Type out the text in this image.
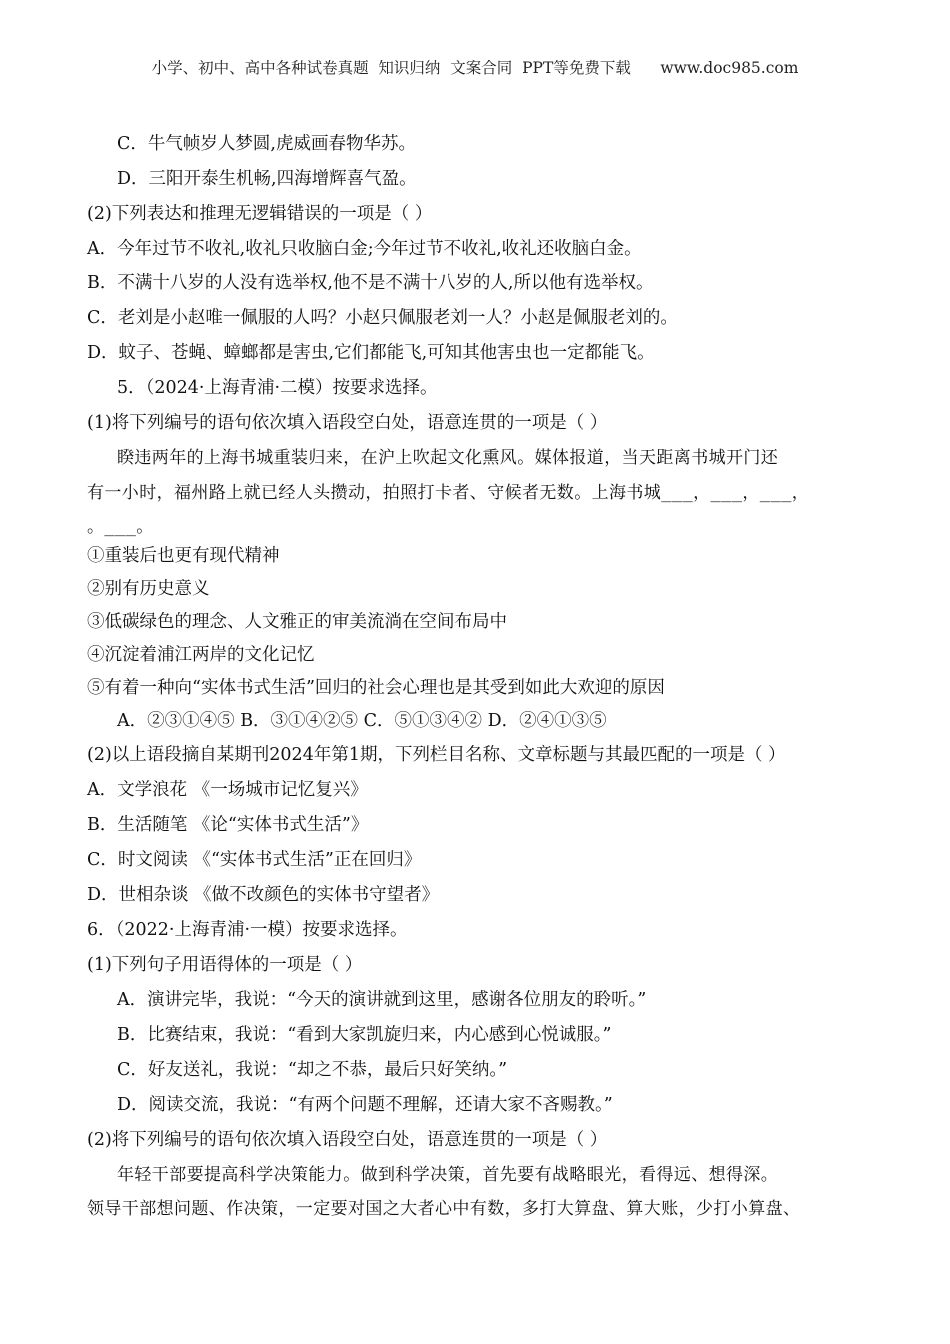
小学、初中、高中各种试卷真题  知识归纳  文案合同  PPT等免费下载      www.doc985.com
C．牛气帧岁人梦圆,虎威画春物华苏。
D．三阳开泰生机畅,四海增辉喜气盈。
(2)下列表达和推理无逻辑错误的一项是（ ）
A．今年过节不收礼,收礼只收脑白金;今年过节不收礼,收礼还收脑白金。
B．不满十八岁的人没有选举权,他不是不满十八岁的人,所以他有选举权。
C．老刘是小赵唯一佩服的人吗？小赵只佩服老刘一人？小赵是佩服老刘的。
D．蚊子、苍蝇、蟑螂都是害虫,它们都能飞,可知其他害虫也一定都能飞。
5．（2024·上海青浦·二模）按要求选择。
(1)将下列编号的语句依次填入语段空白处，语意连贯的一项是（ ）
睽违两年的上海书城重装归来，在沪上吹起文化熏风。媒体报道，当天距离书城开门还
有一小时，福州路上就已经人头攒动，拍照打卡者、守候者无数。上海书城___，___，___，
。___。
①重装后也更有现代精神
②别有历史意义
③低碳绿色的理念、人文雅正的审美流淌在空间布局中
④沉淀着浦江两岸的文化记忆
⑤有着一种向“实体书式生活”回归的社会心理也是其受到如此大欢迎的原因
A．②③①④⑤ B．③①④②⑤ C．⑤①③④② D．②④①③⑤
(2)以上语段摘自某期刊2024年第1期，下列栏目名称、文章标题与其最匹配的一项是（ ）
A．文学浪花 《一场城市记忆复兴》
B．生活随笔 《论“实体书式生活”》
C．时文阅读 《“实体书式生活”正在回归》
D．世相杂谈 《做不改颜色的实体书守望者》
6．（2022·上海青浦·一模）按要求选择。
(1)下列句子用语得体的一项是（ ）
A．演讲完毕，我说：“今天的演讲就到这里，感谢各位朋友的聆听。”
B．比赛结束，我说：“看到大家凯旋归来，内心感到心悦诚服。”
C．好友送礼，我说：“却之不恭，最后只好笑纳。”
D．阅读交流，我说：“有两个问题不理解，还请大家不吝赐教。”
(2)将下列编号的语句依次填入语段空白处，语意连贯的一项是（ ）
年轻干部要提高科学决策能力。做到科学决策，首先要有战略眼光，看得远、想得深。
领导干部想问题、作决策，一定要对国之大者心中有数，多打大算盘、算大账，少打小算盘、
